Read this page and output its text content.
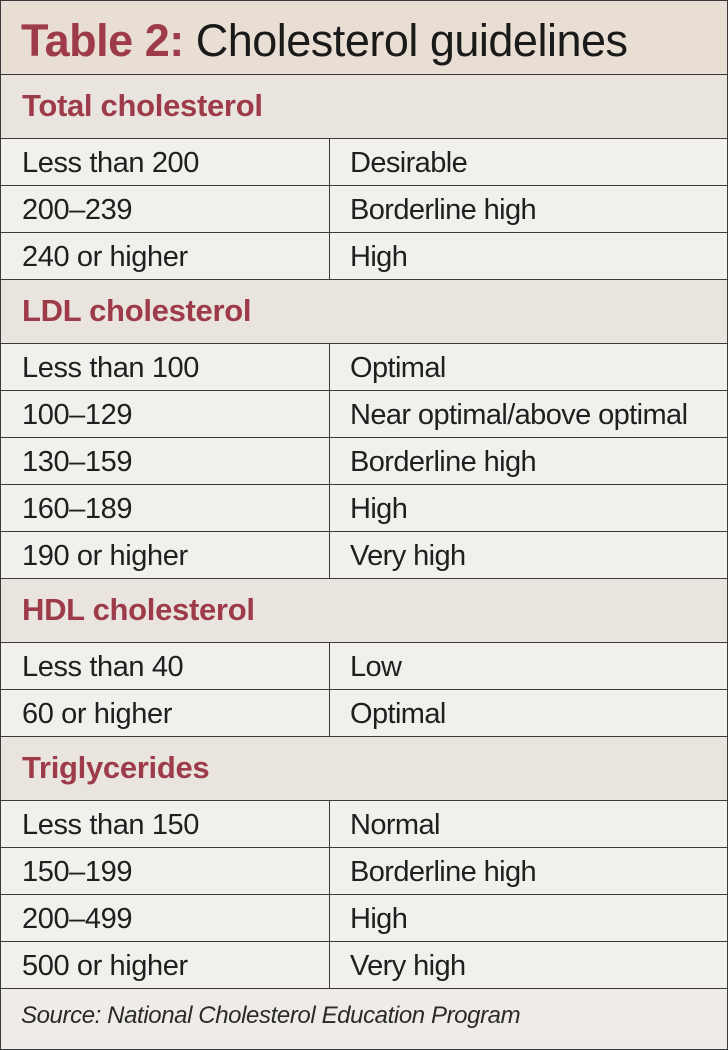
Table 2: Cholesterol guidelines
Total cholesterol
Less than 200	Desirable
200–239	Borderline high
240 or higher	High
LDL cholesterol
Less than 100	Optimal
100–129	Near optimal/above optimal
130–159	Borderline high
160–189	High
190 or higher	Very high
HDL cholesterol
Less than 40	Low
60 or higher	Optimal
Triglycerides
Less than 150	Normal
150–199	Borderline high
200–499	High
500 or higher	Very high
Source: National Cholesterol Education Program
